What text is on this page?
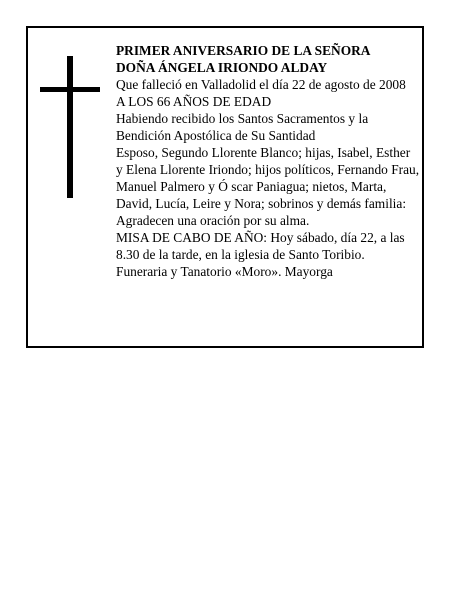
PRIMER ANIVERSARIO DE LA SEÑORA

DOÑA ÁNGELA IRIONDO ALDAY

Que falleció en Valladolid el día 22 de agosto de 2008

A LOS 66 AÑOS DE EDAD

Habiendo recibido los Santos Sacramentos y la Bendición Apostólica de Su Santidad

Esposo, Segundo Llorente Blanco; hijas, Isabel, Esther y Elena Llorente Iriondo; hijos políticos, Fernando Frau, Manuel Palmero y Ó scar Paniagua; nietos, Marta, David, Lucía, Leire y Nora; sobrinos y demás familia:

Agradecen una oración por su alma.

MISA DE CABO DE AÑO: Hoy sábado, día 22, a las 8.30 de la tarde, en la iglesia de Santo Toribio.

Funeraria y Tanatorio «Moro». Mayorga
